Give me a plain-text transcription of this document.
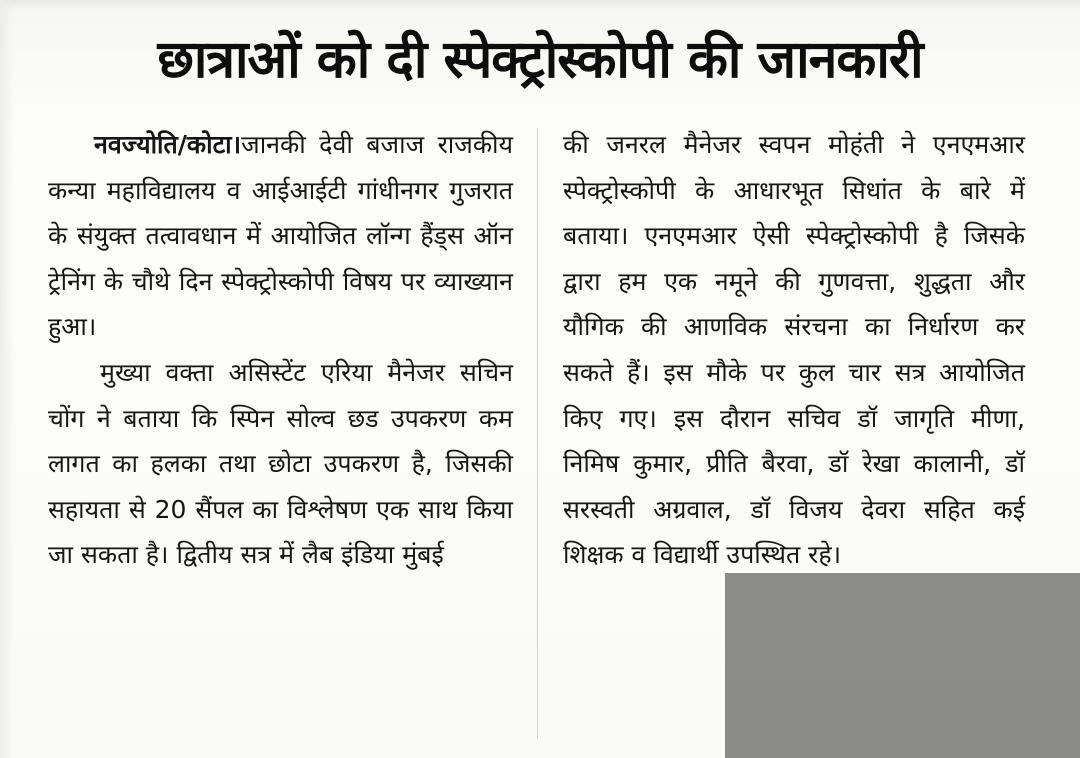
छात्राओं को दी स्पेक्ट्रोस्कोपी की जानकारी

नवज्योति/कोटा।जानकी देवी बजाज राजकीय कन्या महाविद्यालय व आईआईटी गांधीनगर गुजरात के संयुक्त तत्वावधान में आयोजित लॉन्ग हैंड्स ऑन ट्रेनिंग के चौथे दिन स्पेक्ट्रोस्कोपी विषय पर व्याख्यान हुआ।

मुख्या वक्ता असिस्टेंट एरिया मैनेजर सचिन चोंग ने बताया कि स्पिन सोल्व छड उपकरण कम लागत का हलका तथा छोटा उपकरण है, जिसकी सहायता से 20 सैंपल का विश्लेषण एक साथ किया जा सकता है। द्वितीय सत्र में लैब इंडिया मुंबई

की जनरल मैनेजर स्वपन मोहंती ने एनएमआर स्पेक्ट्रोस्कोपी के आधारभूत सिधांत के बारे में बताया। एनएमआर ऐसी स्पेक्ट्रोस्कोपी है जिसके द्वारा हम एक नमूने की गुणवत्ता, शुद्धता और यौगिक की आणविक संरचना का निर्धारण कर सकते हैं। इस मौके पर कुल चार सत्र आयोजित किए गए। इस दौरान सचिव डॉ जागृति मीणा, निमिष कुमार, प्रीति बैरवा, डॉ रेखा कालानी, डॉ सरस्वती अग्रवाल, डॉ विजय देवरा सहित कई शिक्षक व विद्यार्थी उपस्थित रहे।
